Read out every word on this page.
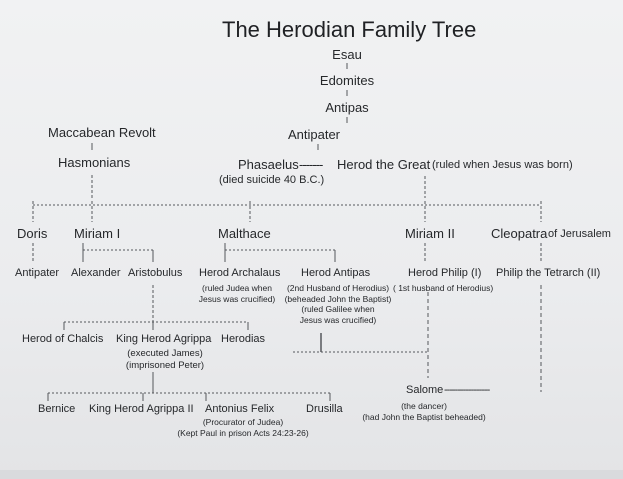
The Herodian Family Tree
Esau
Edomites
Antipas
Antipater
Maccabean Revolt
Hasmonians	Phasaelus -------
(died suicide 40 B.C.)
Herod the Great (ruled when Jesus was born)
Doris Miriam I	Malthace	Miriam II	Cleopatra of Jerusalem
Antipater Alexander Aristobulus Herod Archalaus
(ruled Judea when
Jesus was crucified)
Herod Antipas
(2nd Husband of Herodius)
(beheaded John the Baptist)
(ruled Galilee when
Jesus was crucified)
Herod Philip (I)
( 1st husband of Herodius)
Philip the Tetrarch (II)
Herod of Chalcis King Herod Agrippa
(executed James)
(imprisoned Peter)
Herodias
Salome -----------------
(the dancer)
(had John the Baptist beheaded)
Bernice King Herod Agrippa II Antonius Felix
(Procurator of Judea)
(Kept Paul in prison Acts 24:23-26)
Drusilla
